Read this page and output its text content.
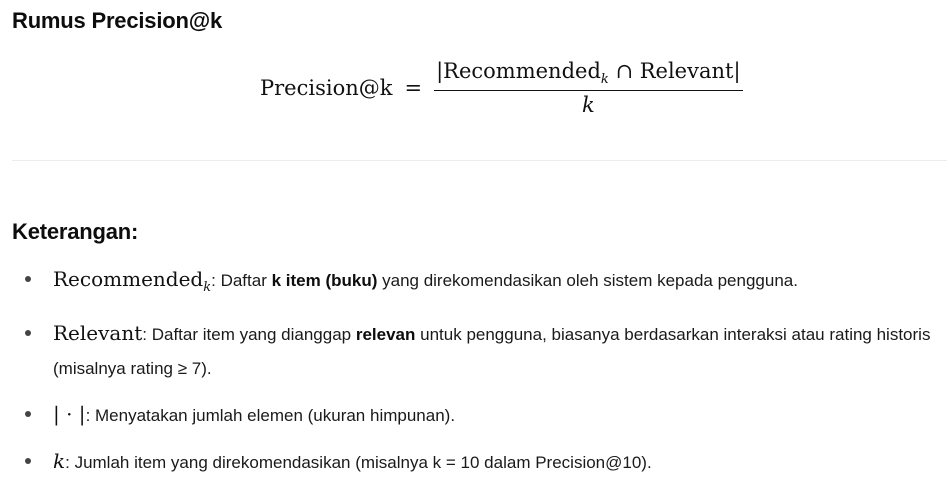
Rumus Precision@k
Precision@k = $\frac{|Recommended_k \cap Relevant|}{k}$
Keterangan:
Recommended$_k$: Daftar k item (buku) yang direkomendasikan oleh sistem kepada pengguna.
Relevant: Daftar item yang dianggap relevan untuk pengguna, biasanya berdasarkan interaksi atau rating historis (misalnya rating ≥ 7).
| · |: Menyatakan jumlah elemen (ukuran himpunan).
k: Jumlah item yang direkomendasikan (misalnya k = 10 dalam Precision@10).
